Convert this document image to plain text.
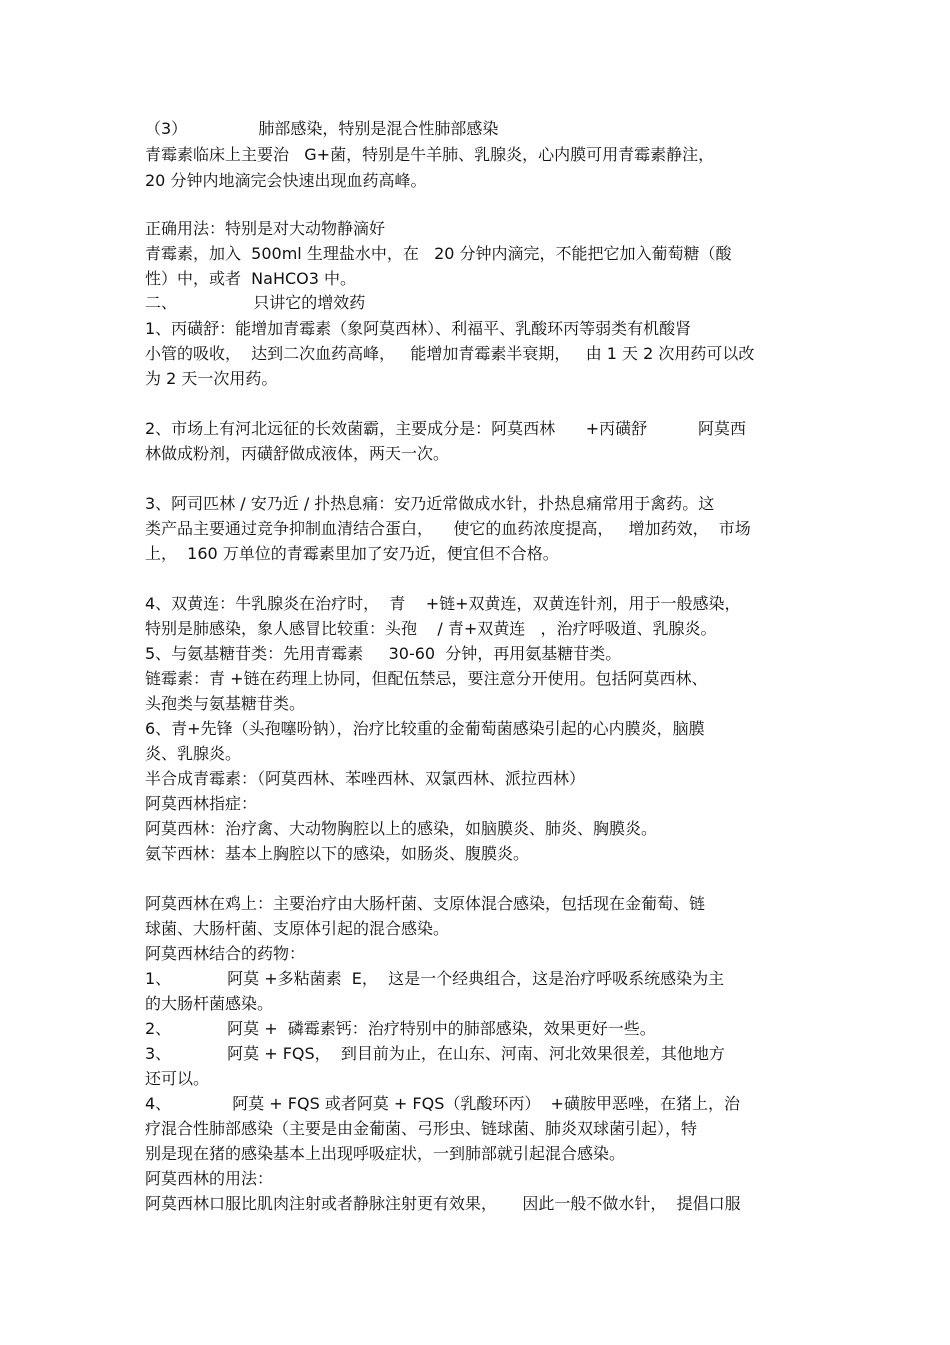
（3）              肺部感染，特别是混合性肺部感染
青霉素临床上主要治   G+菌，特别是牛羊肺、乳腺炎，心内膜可用青霉素静注，
20 分钟内地滴完会快速出现血药高峰。
正确用法：特别是对大动物静滴好
青霉素，加入  500ml 生理盐水中，在   20 分钟内滴完，不能把它加入葡萄糖（酸
性）中，或者  NaHCO3 中。
二、               只讲它的增效药
1、丙磺舒：能增加青霉素（象阿莫西林）、利福平、乳酸环丙等弱类有机酸肾
小管的吸收，  达到二次血药高峰，   能增加青霉素半衰期，   由 1 天 2 次用药可以改
为 2 天一次用药。
2、市场上有河北远征的长效菌霸，主要成分是：阿莫西林      +丙磺舒          阿莫西
林做成粉剂，丙磺舒做成液体，两天一次。
3、阿司匹林 / 安乃近 / 扑热息痛：安乃近常做成水针，扑热息痛常用于禽药。这
类产品主要通过竞争抑制血清结合蛋白，    使它的血药浓度提高，   增加药效，  市场
上，  160 万单位的青霉素里加了安乃近，便宜但不合格。
4、双黄连：牛乳腺炎在治疗时，  青    +链+双黄连，双黄连针剂，用于一般感染，
特别是肺感染，象人感冒比较重：头孢    / 青+双黄连   ，治疗呼吸道、乳腺炎。
5、与氨基糖苷类：先用青霉素     30-60  分钟，再用氨基糖苷类。
链霉素：青 +链在药理上协同，但配伍禁忌，要注意分开使用。包括阿莫西林、
头孢类与氨基糖苷类。
6、青+先锋（头孢噻吩钠），治疗比较重的金葡萄菌感染引起的心内膜炎，脑膜
炎、乳腺炎。
半合成青霉素：（阿莫西林、苯唑西林、双氯西林、派拉西林）
阿莫西林指症：
阿莫西林：治疗禽、大动物胸腔以上的感染，如脑膜炎、肺炎、胸膜炎。
氨苄西林：基本上胸腔以下的感染，如肠炎、腹膜炎。
阿莫西林在鸡上：主要治疗由大肠杆菌、支原体混合感染，包括现在金葡萄、链
球菌、大肠杆菌、支原体引起的混合感染。
阿莫西林结合的药物：
1、           阿莫 +多粘菌素  E，  这是一个经典组合，这是治疗呼吸系统感染为主
的大肠杆菌感染。
2、           阿莫 +  磷霉素钙：治疗特别中的肺部感染，效果更好一些。
3、           阿莫 + FQS，  到目前为止，在山东、河南、河北效果很差，其他地方
还可以。
4、            阿莫 + FQS 或者阿莫 + FQS（乳酸环丙）  +磺胺甲恶唑，在猪上，治
疗混合性肺部感染（主要是由金葡菌、弓形虫、链球菌、肺炎双球菌引起），特
别是现在猪的感染基本上出现呼吸症状，一到肺部就引起混合感染。
阿莫西林的用法：
阿莫西林口服比肌肉注射或者静脉注射更有效果，     因此一般不做水针，  提倡口服
